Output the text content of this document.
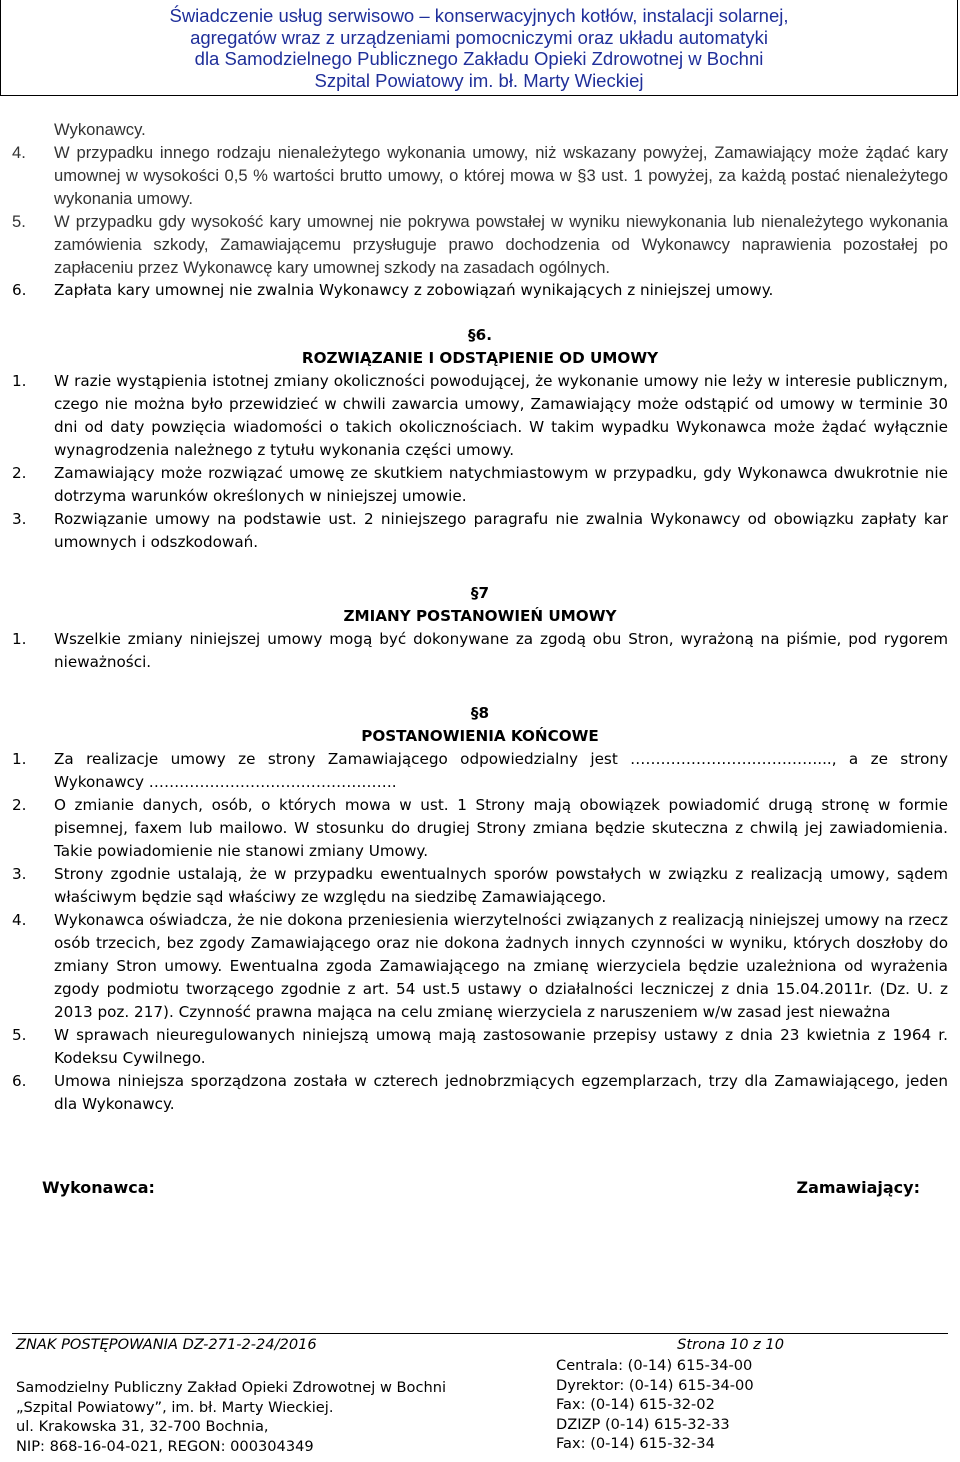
Świadczenie usług serwisowo – konserwacyjnych kotłów, instalacji solarnej,
agregatów wraz z urządzeniami pomocniczymi oraz układu automatyki
dla Samodzielnego Publicznego Zakładu Opieki Zdrowotnej w Bochni
Szpital Powiatowy im. bł. Marty Wieckiej
Wykonawcy.
4. W przypadku innego rodzaju nienależytego wykonania umowy, niż wskazany powyżej, Zamawiający może żądać kary umownej w wysokości 0,5 % wartości brutto umowy, o której mowa w §3 ust. 1 powyżej, za każdą postać nienależytego wykonania umowy.
5. W przypadku gdy wysokość kary umownej nie pokrywa powstałej w wyniku niewykonania lub nienależytego wykonania zamówienia szkody, Zamawiającemu przysługuje prawo dochodzenia od Wykonawcy naprawienia pozostałej po zapłaceniu przez Wykonawcę kary umownej szkody na zasadach ogólnych.
6. Zapłata kary umownej nie zwalnia Wykonawcy z zobowiązań wynikających z niniejszej umowy.
§6.
ROZWIĄZANIE I ODSTĄPIENIE OD UMOWY
1. W razie wystąpienia istotnej zmiany okoliczności powodującej, że wykonanie umowy nie leży w interesie publicznym, czego nie można było przewidzieć w chwili zawarcia umowy, Zamawiający może odstąpić od umowy w terminie 30 dni od daty powzięcia wiadomości o takich okolicznościach. W takim wypadku Wykonawca może żądać wyłącznie wynagrodzenia należnego z tytułu wykonania części umowy.
2. Zamawiający może rozwiązać umowę ze skutkiem natychmiastowym w przypadku, gdy Wykonawca dwukrotnie nie dotrzyma warunków określonych w niniejszej umowie.
3. Rozwiązanie umowy na podstawie ust. 2 niniejszego paragrafu nie zwalnia Wykonawcy od obowiązku zapłaty kar umownych i odszkodowań.
§7
ZMIANY POSTANOWIEŃ UMOWY
1. Wszelkie zmiany niniejszej umowy mogą być dokonywane za zgodą obu Stron, wyrażoną na piśmie, pod rygorem nieważności.
§8
POSTANOWIENIA KOŃCOWE
1. Za realizacje umowy ze strony Zamawiającego odpowiedzialny jest …………………….…………..., a ze strony Wykonawcy ………………………………………….
2. O zmianie danych, osób, o których mowa w ust. 1 Strony mają obowiązek powiadomić drugą stronę w formie pisemnej, faxem lub mailowo. W stosunku do drugiej Strony zmiana będzie skuteczna z chwilą jej zawiadomienia. Takie powiadomienie nie stanowi zmiany Umowy.
3. Strony zgodnie ustalają, że w przypadku ewentualnych sporów powstałych w związku z realizacją umowy, sądem właściwym będzie sąd właściwy ze względu na siedzibę Zamawiającego.
4. Wykonawca oświadcza, że nie dokona przeniesienia wierzytelności związanych z realizacją niniejszej umowy na rzecz osób trzecich, bez zgody Zamawiającego oraz nie dokona żadnych innych czynności w wyniku, których doszłoby do zmiany Stron umowy. Ewentualna zgoda Zamawiającego na zmianę wierzyciela będzie uzależniona od wyrażenia zgody podmiotu tworzącego zgodnie z art. 54 ust.5 ustawy o działalności leczniczej z dnia 15.04.2011r. (Dz. U. z 2013 poz. 217). Czynność prawna mająca na celu zmianę wierzyciela z naruszeniem w/w zasad jest nieważna
5. W sprawach nieuregulowanych niniejszą umową mają zastosowanie przepisy ustawy z dnia 23 kwietnia z 1964 r. Kodeksu Cywilnego.
6. Umowa niniejsza sporządzona została w czterech jednobrzmiących egzemplarzach, trzy dla Zamawiającego, jeden dla Wykonawcy.
Wykonawca:	Zamawiający:
ZNAK POSTĘPOWANIA DZ-271-2-24/2016	Strona 10 z 10
Samodzielny Publiczny Zakład Opieki Zdrowotnej w Bochni
„Szpital Powiatowy”, im. bł. Marty Wieckiej.
ul. Krakowska 31, 32-700 Bochnia,
NIP: 868-16-04-021, REGON: 000304349
Centrala: (0-14) 615-34-00
Dyrektor: (0-14) 615-34-00
Fax: (0-14) 615-32-02
DZIZP (0-14) 615-32-33
Fax: (0-14) 615-32-34
